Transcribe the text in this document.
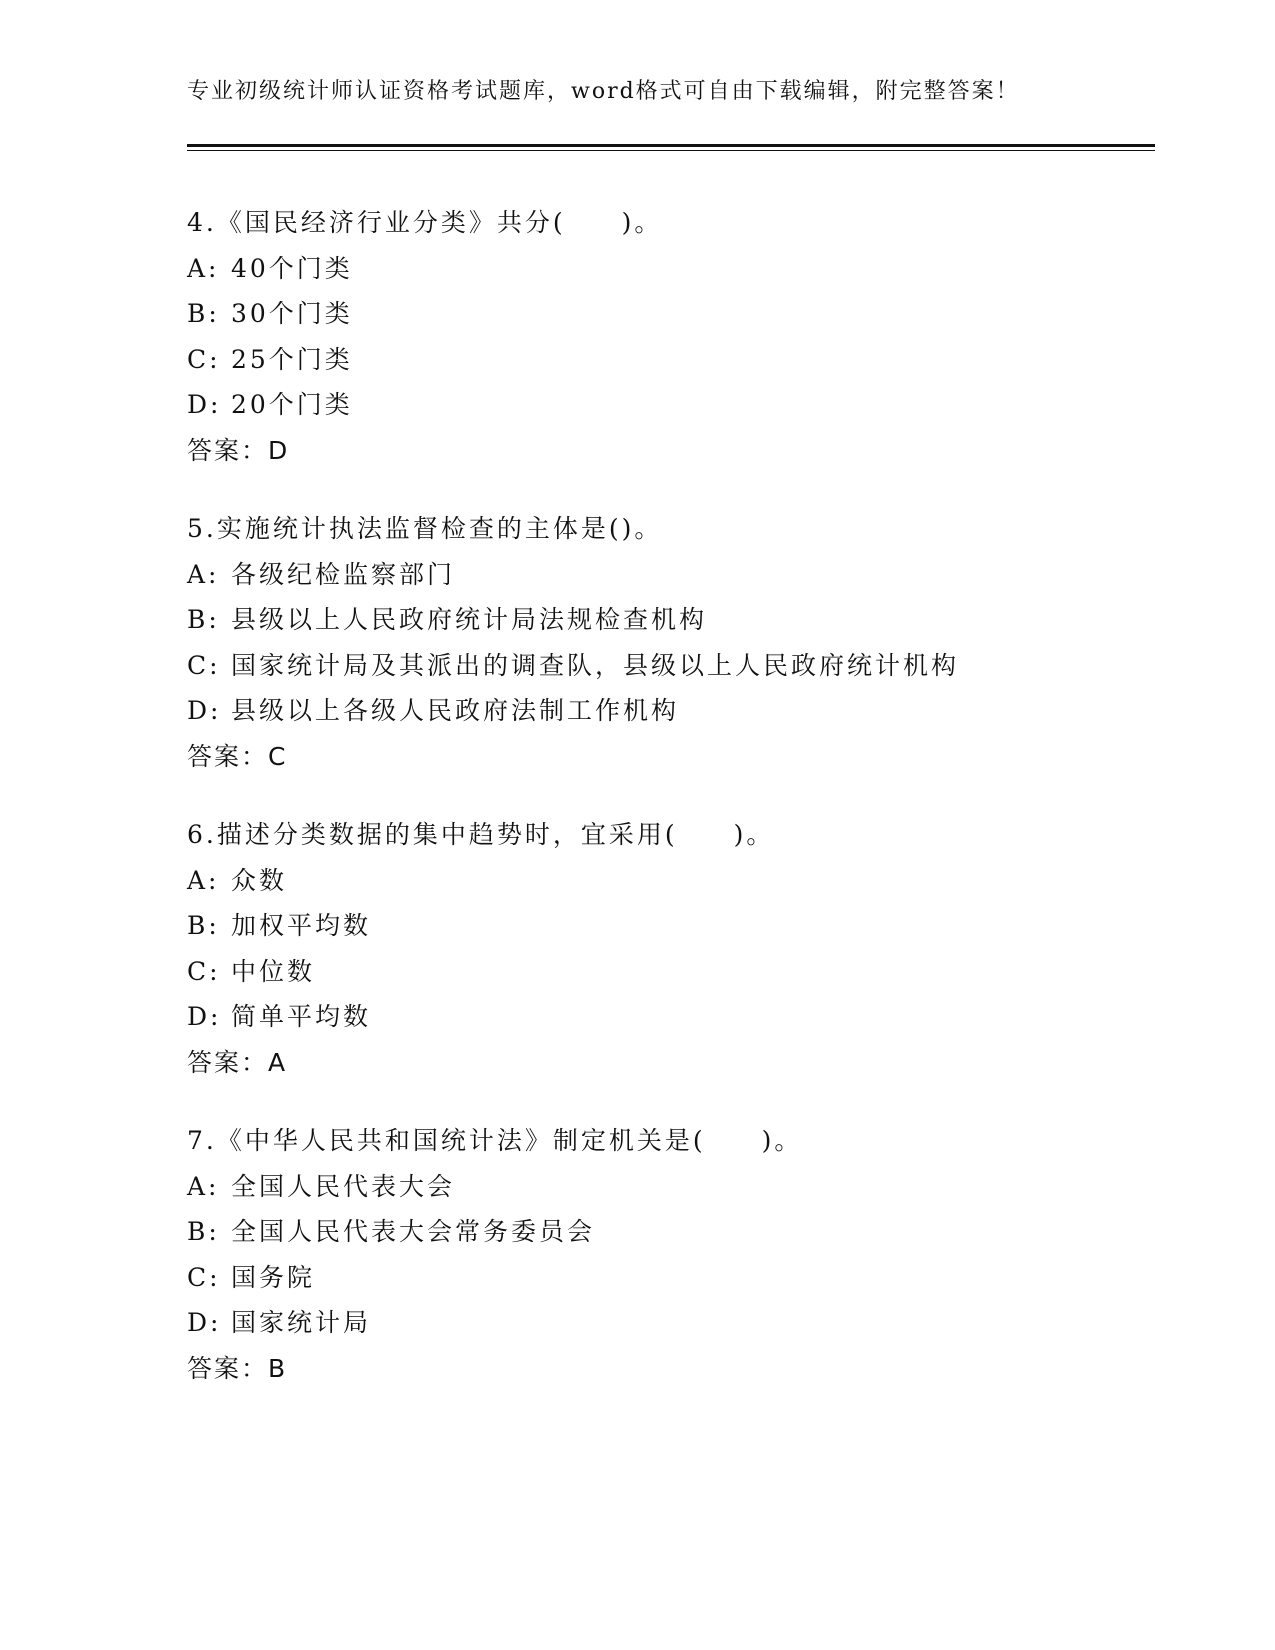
专业初级统计师认证资格考试题库，word格式可自由下载编辑，附完整答案！
4.《国民经济行业分类》共分(　　)。
A: 40个门类
B: 30个门类
C: 25个门类
D: 20个门类
答案：D
5.实施统计执法监督检查的主体是()。
A: 各级纪检监察部门
B: 县级以上人民政府统计局法规检查机构
C: 国家统计局及其派出的调查队，县级以上人民政府统计机构
D: 县级以上各级人民政府法制工作机构
答案：C
6.描述分类数据的集中趋势时，宜采用(　　)。
A: 众数
B: 加权平均数
C: 中位数
D: 简单平均数
答案：A
7.《中华人民共和国统计法》制定机关是(　　)。
A: 全国人民代表大会
B: 全国人民代表大会常务委员会
C: 国务院
D: 国家统计局
答案：B
